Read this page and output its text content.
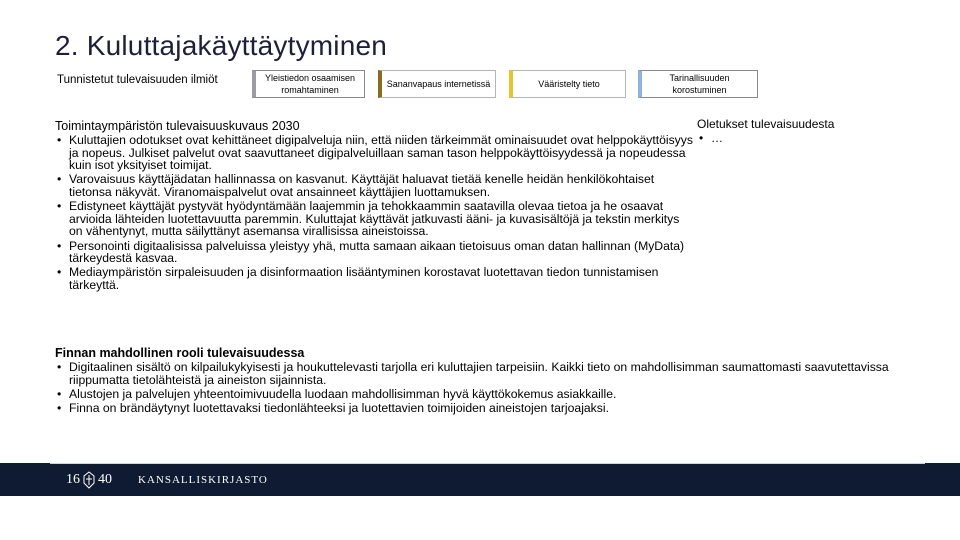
2. Kuluttajakäyttäytyminen
Tunnistetut tulevaisuuden ilmiöt	Yleistiedon osaamisen romahtaminen
Sananvapaus internetissä	Vääristelty tieto
Tarinallisuuden korostuminen
Toimintaympäristön tulevaisuuskuvaus 2030
• Kuluttajien odotukset ovat kehittäneet digipalveluja niin, että niiden tärkeimmät ominaisuudet ovat helppokäyttöisyys ja nopeus. Julkiset palvelut ovat saavuttaneet digipalveluillaan saman tason helppokäyttöisyydessä ja nopeudessa kuin isot yksityiset toimijat.
• Varovaisuus käyttäjädatan hallinnassa on kasvanut. Käyttäjät haluavat tietää kenelle heidän henkilökohtaiset tietonsa näkyvät. Viranomaispalvelut ovat ansainneet käyttäjien luottamuksen.
• Edistyneet käyttäjät pystyvät hyödyntämään laajemmin ja tehokkaammin saatavilla olevaa tietoa ja he osaavat arvioida lähteiden luotettavuutta paremmin. Kuluttajat käyttävät jatkuvasti ääni- ja kuvasisältöjä ja tekstin merkitys on vähentynyt, mutta säilyttänyt asemansa virallisissa aineistoissa.
• Personointi digitaalisissa palveluissa yleistyy yhä, mutta samaan aikaan tietoisuus oman datan hallinnan (MyData) tärkeydestä kasvaa.
• Mediaympäristön sirpaleisuuden ja disinformaation lisääntyminen korostavat luotettavan tiedon tunnistamisen tärkeyttä.
Oletukset tulevaisuudesta
• …
Finnan mahdollinen rooli tulevaisuudessa
• Digitaalinen sisältö on kilpailukykyisesti ja houkuttelevasti tarjolla eri kuluttajien tarpeisiin. Kaikki tieto on mahdollisimman saumattomasti saavutettavissa riippumatta tietolähteistä ja aineiston sijainnista.
• Alustojen ja palvelujen yhteentoimivuudella luodaan mahdollisimman hyvä käyttökokemus asiakkaille.
• Finna on brändäytynyt luotettavaksi tiedonlähteeksi ja luotettavien toimijoiden aineistojen tarjoajaksi.
16 40 KANSALLISKIRJASTO
